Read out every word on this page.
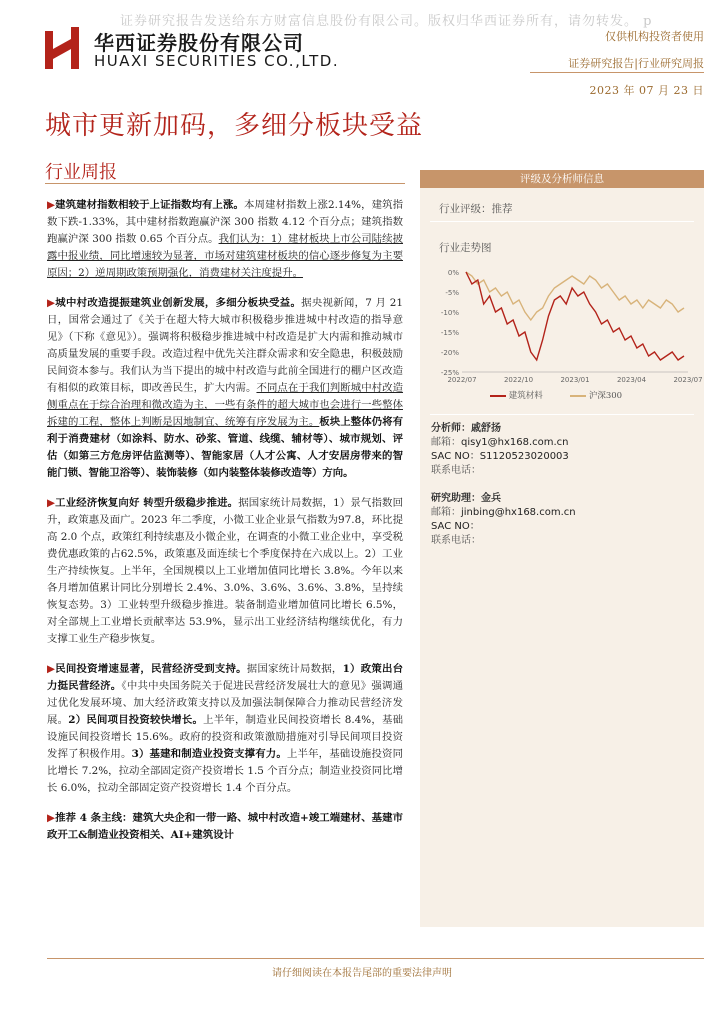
证券研究报告发送给东方财富信息股份有限公司。版权归华西证券所有，请勿转发。 p
华西证券股份有限公司
HUAXI SECURITIES CO.,LTD.
仅供机构投资者使用
证券研究报告|行业研究周报
2023 年 07 月 23 日
城市更新加码，多细分板块受益
行业周报

▶建筑建材指数相较于上证指数均有上涨。本周建材指数上涨2.14%，建筑指数下跌-1.33%，其中建材指数跑赢沪深 300 指数 4.12 个百分点；建筑指数跑赢沪深 300 指数 0.65 个百分点。我们认为：1）建材板块上市公司陆续披露中报业绩，同比增速较为显著，市场对建筑建材板块的信心逐步修复为主要原因；2）逆周期政策预期强化，消费建材关注度提升。

▶城中村改造提振建筑业创新发展，多细分板块受益。据央视新闻，7 月 21 日，国常会通过了《关于在超大特大城市积极稳步推进城中村改造的指导意见》（下称《意见》）。强调将积极稳步推进城中村改造是扩大内需和推动城市高质量发展的重要手段。改造过程中优先关注群众需求和安全隐患，积极鼓励民间资本参与。我们认为当下提出的城中村改造与此前全国进行的棚户区改造有相似的政策目标，即改善民生，扩大内需。不同点在于我们判断城中村改造侧重点在于综合治理和微改造为主，一些有条件的超大城市也会进行一些整体拆建的工程，整体上判断是因地制宜、统筹有序发展为主。板块上整体仍将有利于消费建材（如涂料、防水、砂浆、管道、线缆、辅材等）、城市规划、评估（如第三方危房评估监测等）、智能家居（人才公寓、人才安居房带来的智能门锁、智能卫浴等）、装饰装修（如内装整体装修改造等）方向。

▶工业经济恢复向好 转型升级稳步推进。据国家统计局数据，1）景气指数回升，政策惠及面广。2023 年二季度，小微工业企业景气指数为97.8，环比提高 2.0 个点，政策红利持续惠及小微企业，在调查的小微工业企业中，享受税费优惠政策的占62.5%，政策惠及面连续七个季度保持在六成以上。2）工业生产持续恢复。上半年，全国规模以上工业增加值同比增长 3.8%。今年以来各月增加值累计同比分别增长 2.4%、3.0%、3.6%、3.6%、3.8%，呈持续恢复态势。3）工业转型升级稳步推进。装备制造业增加值同比增长 6.5%，对全部规上工业增长贡献率达 53.9%，显示出工业经济结构继续优化，有力支撑工业生产稳步恢复。

▶民间投资增速显著，民营经济受到支持。据国家统计局数据，1）政策出台力挺民营经济。《中共中央国务院关于促进民营经济发展壮大的意见》强调通过优化发展环境、加大经济政策支持以及加强法制保障合力推动民营经济发展。2）民间项目投资较快增长。上半年，制造业民间投资增长 8.4%，基础设施民间投资增长 15.6%。政府的投资和政策激励措施对引导民间项目投资发挥了积极作用。3）基建和制造业投资支撑有力。上半年，基础设施投资同比增长 7.2%，拉动全部固定资产投资增长 1.5 个百分点；制造业投资同比增长 6.0%，拉动全部固定资产投资增长 1.4 个百分点。

▶推荐 4 条主线：建筑大央企和一带一路、城中村改造+竣工端建材、基建市政开工&制造业投资相关、AI+建筑设计

评级及分析师信息
行业评级：推荐
行业走势图
0%
-5%
-10%
-15%
-20%
-25%
2022/07	2022/10	2023/01	2023/04	2023/07
建筑材料	沪深300
分析师：戚舒扬
邮箱：qisy1@hx168.com.cn
SAC NO：S1120523020003
联系电话：
研究助理：金兵
邮箱：jinbing@hx168.com.cn
SAC NO：
联系电话：
请仔细阅读在本报告尾部的重要法律声明
